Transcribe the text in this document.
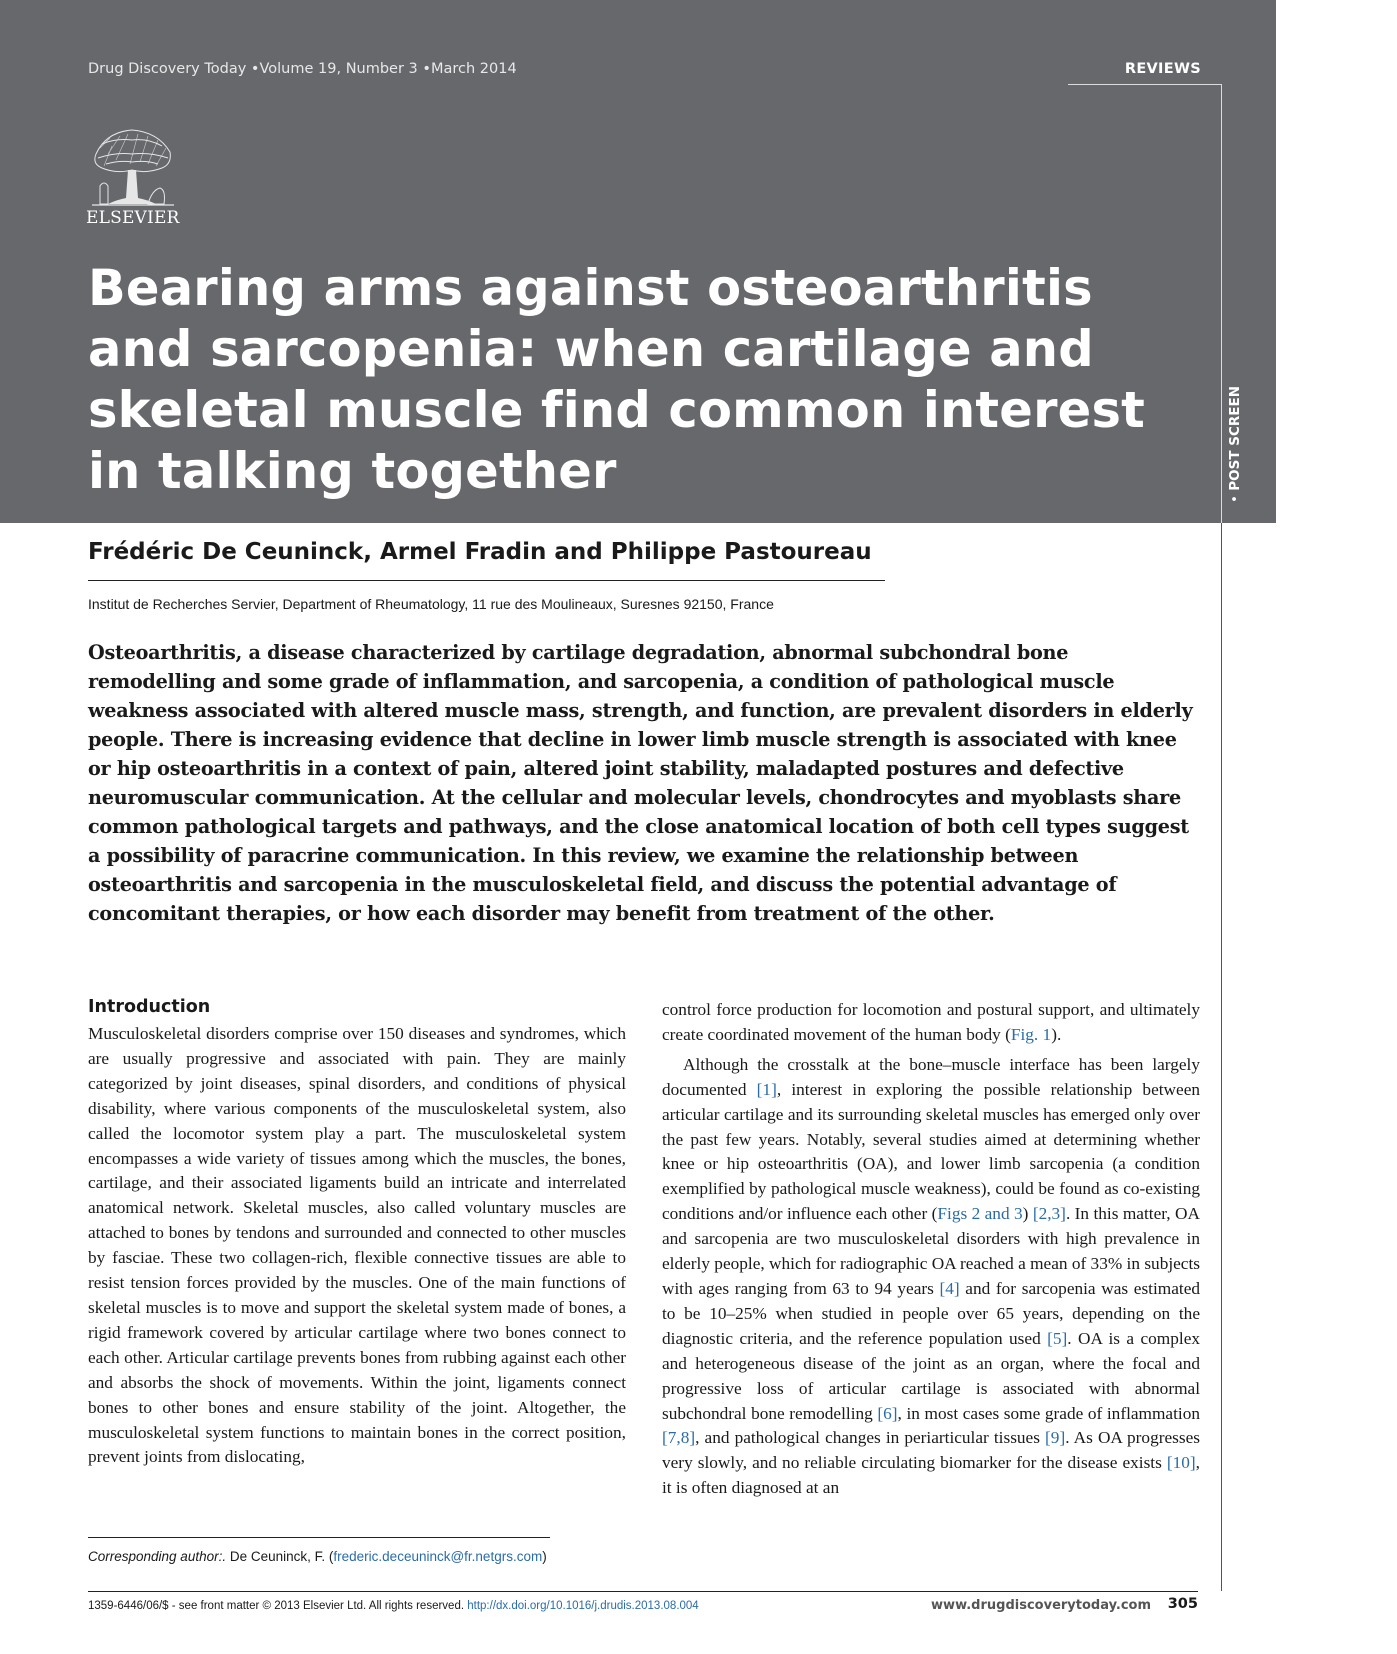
Drug Discovery Today •Volume 19, Number 3 •March 2014	REVIEWS
Reviews
• POST SCREEN
ELSEVIER
Bearing arms against osteoarthritis and sarcopenia: when cartilage and skeletal muscle find common interest in talking together
Frédéric De Ceuninck, Armel Fradin and Philippe Pastoureau
Institut de Recherches Servier, Department of Rheumatology, 11 rue des Moulineaux, Suresnes 92150, France

Osteoarthritis, a disease characterized by cartilage degradation, abnormal subchondral bone remodelling and some grade of inflammation, and sarcopenia, a condition of pathological muscle weakness associated with altered muscle mass, strength, and function, are prevalent disorders in elderly people. There is increasing evidence that decline in lower limb muscle strength is associated with knee or hip osteoarthritis in a context of pain, altered joint stability, maladapted postures and defective neuromuscular communication. At the cellular and molecular levels, chondrocytes and myoblasts share common pathological targets and pathways, and the close anatomical location of both cell types suggest a possibility of paracrine communication. In this review, we examine the relationship between osteoarthritis and sarcopenia in the musculoskeletal field, and discuss the potential advantage of concomitant therapies, or how each disorder may benefit from treatment of the other.

Introduction

Musculoskeletal disorders comprise over 150 diseases and syndromes, which are usually progressive and associated with pain. They are mainly categorized by joint diseases, spinal disorders, and conditions of physical disability, where various components of the musculoskeletal system, also called the locomotor system play a part. The musculoskeletal system encompasses a wide variety of tissues among which the muscles, the bones, cartilage, and their associated ligaments build an intricate and interrelated anatomical network. Skeletal muscles, also called voluntary muscles are attached to bones by tendons and surrounded and connected to other muscles by fasciae. These two collagen-rich, flexible connective tissues are able to resist tension forces provided by the muscles. One of the main functions of skeletal muscles is to move and support the skeletal system made of bones, a rigid framework covered by articular cartilage where two bones connect to each other. Articular cartilage prevents bones from rubbing against each other and absorbs the shock of movements. Within the joint, ligaments connect bones to other bones and ensure stability of the joint. Altogether, the musculoskeletal system functions to maintain bones in the correct position, prevent joints from dislocating,

control force production for locomotion and postural support, and ultimately create coordinated movement of the human body (Fig. 1).

Although the crosstalk at the bone–muscle interface has been largely documented [1], interest in exploring the possible relationship between articular cartilage and its surrounding skeletal muscles has emerged only over the past few years. Notably, several studies aimed at determining whether knee or hip osteoarthritis (OA), and lower limb sarcopenia (a condition exemplified by pathological muscle weakness), could be found as co-existing conditions and/or influence each other (Figs 2 and 3) [2,3]. In this matter, OA and sarcopenia are two musculoskeletal disorders with high prevalence in elderly people, which for radiographic OA reached a mean of 33% in subjects with ages ranging from 63 to 94 years [4] and for sarcopenia was estimated to be 10–25% when studied in people over 65 years, depending on the diagnostic criteria, and the reference population used [5]. OA is a complex and heterogeneous disease of the joint as an organ, where the focal and progressive loss of articular cartilage is associated with abnormal subchondral bone remodelling [6], in most cases some grade of inflammation [7,8], and pathological changes in periarticular tissues [9]. As OA progresses very slowly, and no reliable circulating biomarker for the disease exists [10], it is often diagnosed at an

Corresponding author:. De Ceuninck, F. (frederic.deceuninck@fr.netgrs.com)
1359-6446/06/$ - see front matter © 2013 Elsevier Ltd. All rights reserved. http://dx.doi.org/10.1016/j.drudis.2013.08.004	www.drugdiscoverytoday.com 305
